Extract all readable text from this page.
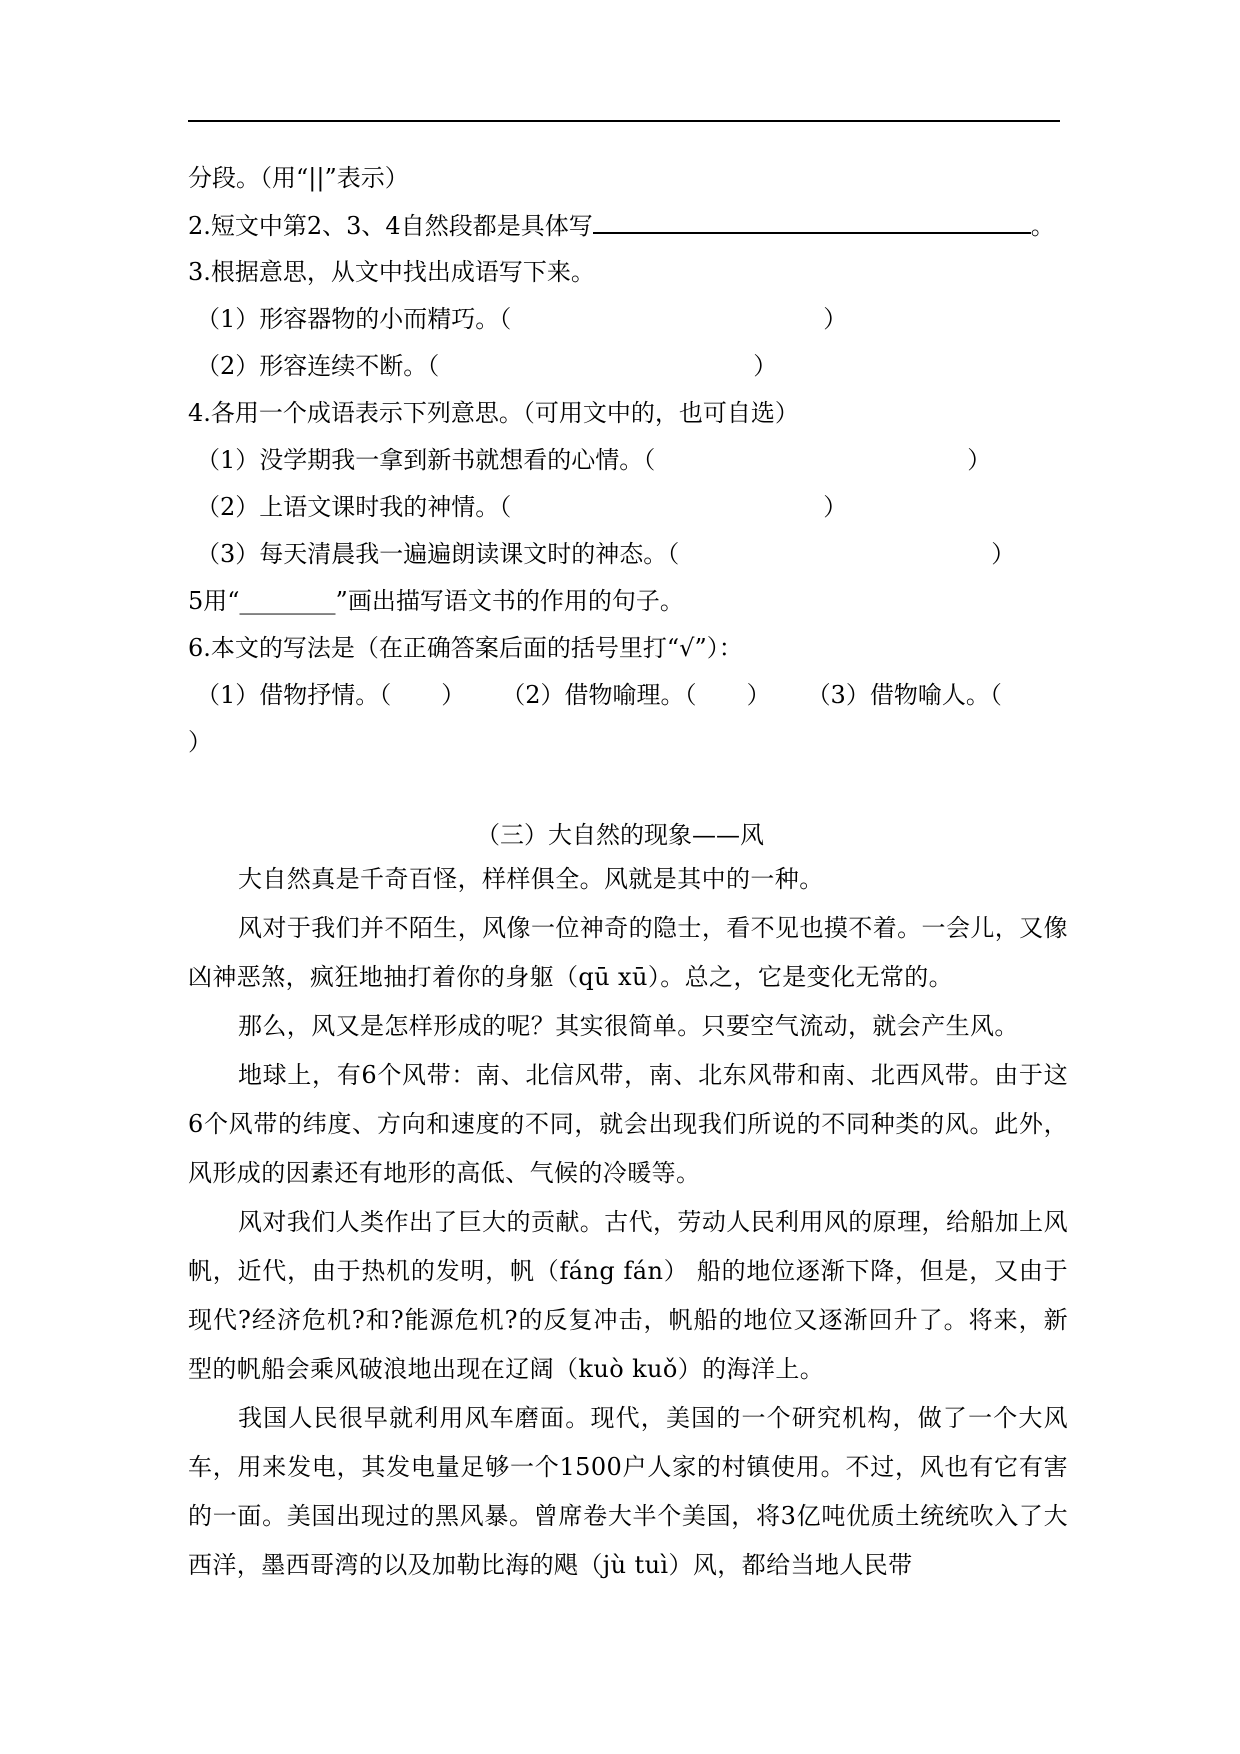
分段。（用“||”表示）
2.短文中第2、3、4自然段都是具体写	。
3.根据意思，从文中找出成语写下来。
（1）形容器物的小而精巧。（	）
（2）形容连续不断。（	）
4.各用一个成语表示下列意思。（可用文中的，也可自选）
（1）没学期我一拿到新书就想看的心情。（	）
（2）上语文课时我的神情。（	）
（3）每天清晨我一遍遍朗读课文时的神态。（	）
5用“________”画出描写语文书的作用的句子。
6.本文的写法是（在正确答案后面的括号里打“√”）：
（1）借物抒情。（ ） （2）借物喻理。（ ） （3）借物喻人。（
）
（三）大自然的现象——风
大自然真是千奇百怪，样样俱全。风就是其中的一种。
风对于我们并不陌生，风像一位神奇的隐士，看不见也摸不着。一会儿，又像凶神恶煞，疯狂地抽打着你的身躯（qū xū）。总之，它是变化无常的。
那么，风又是怎样形成的呢？其实很简单。只要空气流动，就会产生风。
地球上，有6个风带：南、北信风带，南、北东风带和南、北西风带。由于这6个风带的纬度、方向和速度的不同，就会出现我们所说的不同种类的风。此外，风形成的因素还有地形的高低、气候的冷暖等。
风对我们人类作出了巨大的贡献。古代，劳动人民利用风的原理，给船加上风帆，近代，由于热机的发明，帆（fáng fán） 船的地位逐渐下降，但是，又由于现代?经济危机?和?能源危机?的反复冲击，帆船的地位又逐渐回升了。将来，新型的帆船会乘风破浪地出现在辽阔（kuò kuǒ）的海洋上。
我国人民很早就利用风车磨面。现代，美国的一个研究机构，做了一个大风车，用来发电，其发电量足够一个1500户人家的村镇使用。不过，风也有它有害的一面。美国出现过的黑风暴。曾席卷大半个美国，将3亿吨优质土统统吹入了大西洋，墨西哥湾的以及加勒比海的飓（jù tuì）风，都给当地人民带
